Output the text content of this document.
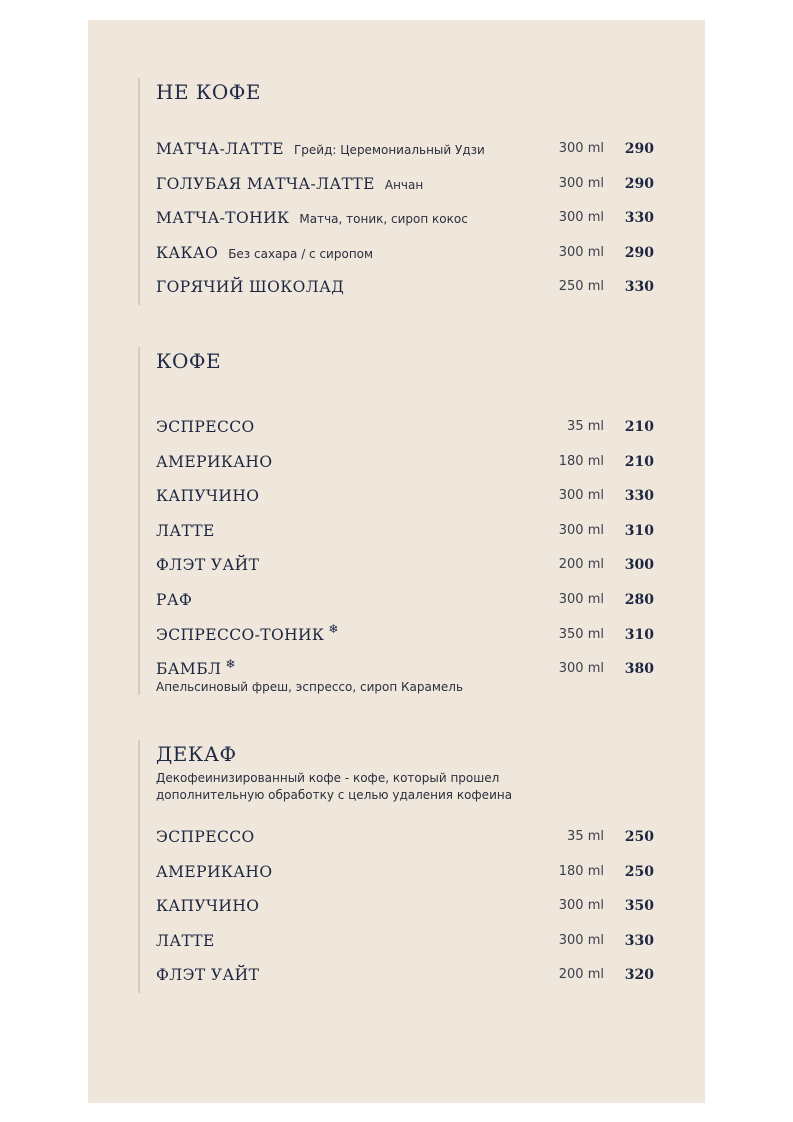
НЕ КОФЕ
МАТЧА-ЛАТТЕ Грейд: Церемониальный Удзи	300 ml 290
ГОЛУБАЯ МАТЧА-ЛАТТЕ Анчан	300 ml 290
МАТЧА-ТОНИК Матча, тоник, сироп кокос	300 ml 330
КАКАО Без сахара / с сиропом	300 ml 290
ГОРЯЧИЙ ШОКОЛАД	250 ml 330
КОФЕ
ЭСПРЕССО	35 ml 210
АМЕРИКАНО	180 ml 210
КАПУЧИНО	300 ml 330
ЛАТТЕ	300 ml 310
ФЛЭТ УАЙТ	200 ml 300
РАФ	300 ml 280
ЭСПРЕССО-ТОНИК ❄	350 ml 310
БАМБЛ ❄	300 ml 380
Апельсиновый фреш, эспрессо, сироп Карамель
ДЕКАФ
Декофеинизированный кофе - кофе, который прошел
дополнительную обработку с целью удаления кофеина
ЭСПРЕССО	35 ml 250
АМЕРИКАНО	180 ml 250
КАПУЧИНО	300 ml 350
ЛАТТЕ	300 ml 330
ФЛЭТ УАЙТ	200 ml 320
